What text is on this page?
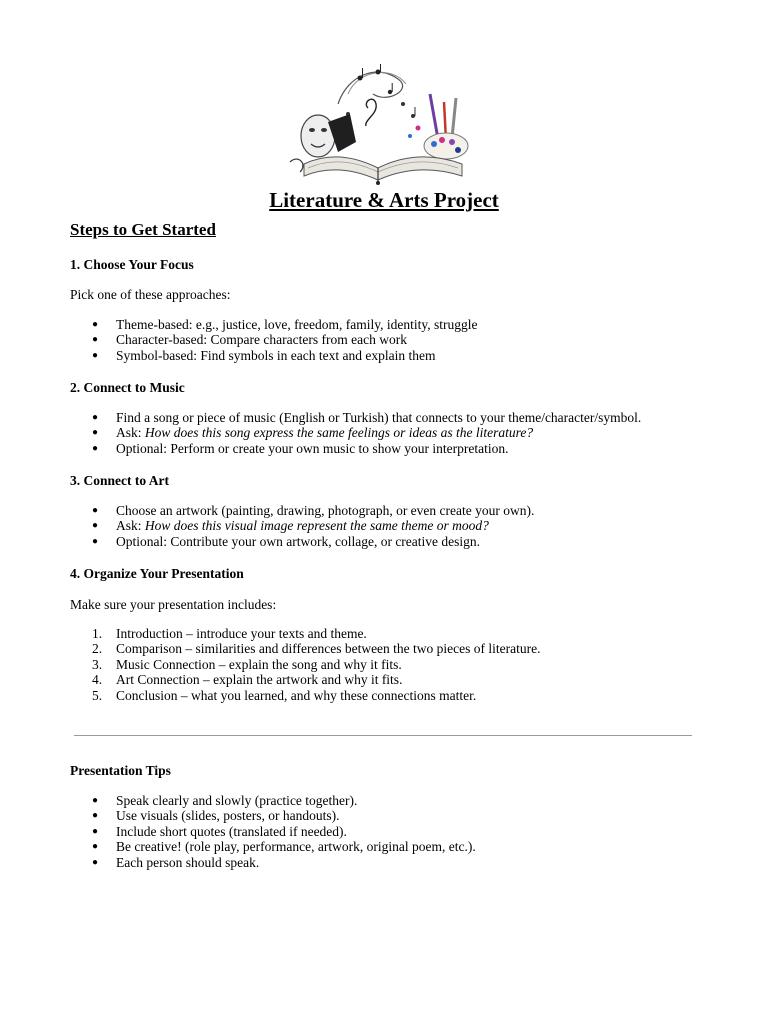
Literature & Arts Project
Steps to Get Started
1. Choose Your Focus
Pick one of these approaches:
● Theme-based: e.g., justice, love, freedom, family, identity, struggle
● Character-based: Compare characters from each work
● Symbol-based: Find symbols in each text and explain them
2. Connect to Music
● Find a song or piece of music (English or Turkish) that connects to your theme/character/symbol.
● Ask: How does this song express the same feelings or ideas as the literature?
● Optional: Perform or create your own music to show your interpretation.
3. Connect to Art
● Choose an artwork (painting, drawing, photograph, or even create your own).
● Ask: How does this visual image represent the same theme or mood?
● Optional: Contribute your own artwork, collage, or creative design.
4. Organize Your Presentation
Make sure your presentation includes:
1. Introduction – introduce your texts and theme.
2. Comparison – similarities and differences between the two pieces of literature.
3. Music Connection – explain the song and why it fits.
4. Art Connection – explain the artwork and why it fits.
5. Conclusion – what you learned, and why these connections matter.
Presentation Tips
● Speak clearly and slowly (practice together).
● Use visuals (slides, posters, or handouts).
● Include short quotes (translated if needed).
● Be creative! (role play, performance, artwork, original poem, etc.).
● Each person should speak.
